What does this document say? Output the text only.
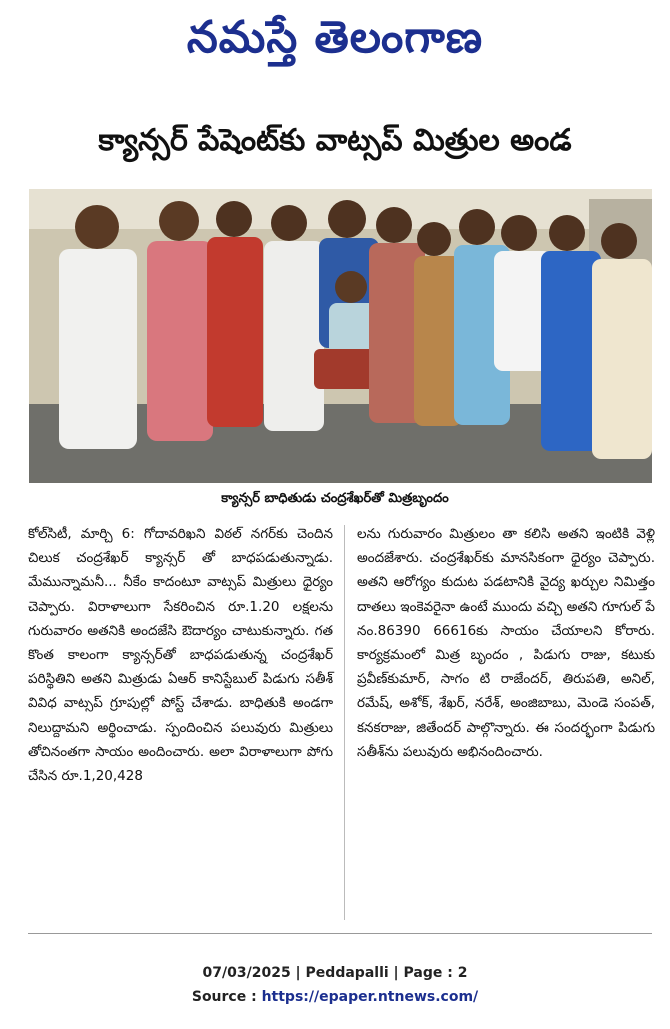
నమస్తే తెలంగాణ
క్యాన్సర్ పేషెంట్‌కు వాట్సప్ మిత్రుల అండ
క్యాన్సర్ బాధితుడు చంద్రశేఖర్‌తో మిత్రబృందం

కోల్‌సిటీ, మార్చి 6: గోదావరిఖని విఠల్ నగర్‌కు చెందిన చిలుక చంద్రశేఖర్ క్యాన్సర్ తో బాధపడుతున్నాడు. మేమున్నామనీ... నీకేం కాదంటూ వాట్సప్ మిత్రులు ధైర్యం చెప్పారు. విరాళాలుగా సేకరించిన రూ.1.20 లక్షలను గురువారం అతనికి అందజేసి ఔదార్యం చాటుకున్నారు. గత కొంత కాలంగా క్యాన్సర్‌తో బాధపడుతున్న చంద్రశేఖర్ పరిస్థితిని అతని మిత్రుడు ఏఆర్ కానిస్టేబుల్ పిడుగు సతీశ్ వివిధ వాట్సప్ గ్రూపుల్లో పోస్ట్ చేశాడు. బాధితుకి అండగా నిలుద్దామని అర్థించాడు. స్పందించిన పలువురు మిత్రులు తోచినంతగా సాయం అందించారు. అలా విరాళాలుగా పోగు చేసిన రూ.1,20,428

లను గురువారం మిత్రులం తా కలిసి అతని ఇంటికి వెళ్లి అందజేశారు. చంద్రశేఖర్‌కు మానసికంగా ధైర్యం చెప్పారు. అతని ఆరోగ్యం కుదుట పడటానికి వైద్య ఖర్చుల నిమిత్తం దాతలు ఇంకెవరైనా ఉంటే ముందు వచ్చి అతని గూగుల్ పే నం.86390 66616కు సాయం చేయాలని కోరారు. కార్యక్రమంలో మిత్ర బృందం , పిడుగు రాజు, కటుకు ప్రవీణ్‌కుమార్, సాగం టి రాజేందర్, తిరుపతి, అనిల్, రమేష్, అశోక్, శేఖర్, నరేశ్, అంజిబాబు, మెండె సంపత్, కనకరాజు, జితేందర్ పాల్గొన్నారు. ఈ సందర్భంగా పిడుగు సతీశ్‌ను పలువురు అభినందించారు.

07/03/2025 | Peddapalli | Page : 2
Source : https://epaper.ntnews.com/
